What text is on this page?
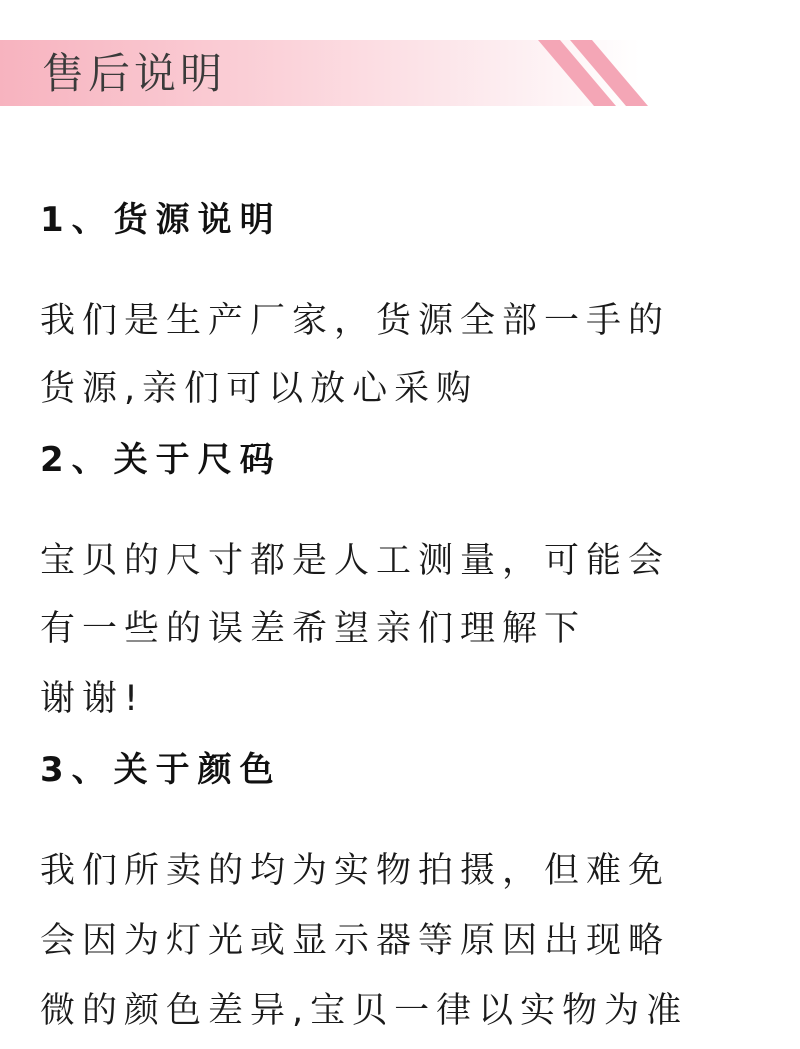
售后说明
1、货源说明
我们是生产厂家，货源全部一手的
货源,亲们可以放心采购
2、关于尺码
宝贝的尺寸都是人工测量，可能会
有一些的误差希望亲们理解下
谢谢!
3、关于颜色
我们所卖的均为实物拍摄，但难免
会因为灯光或显示器等原因出现略
微的颜色差异,宝贝一律以实物为准
